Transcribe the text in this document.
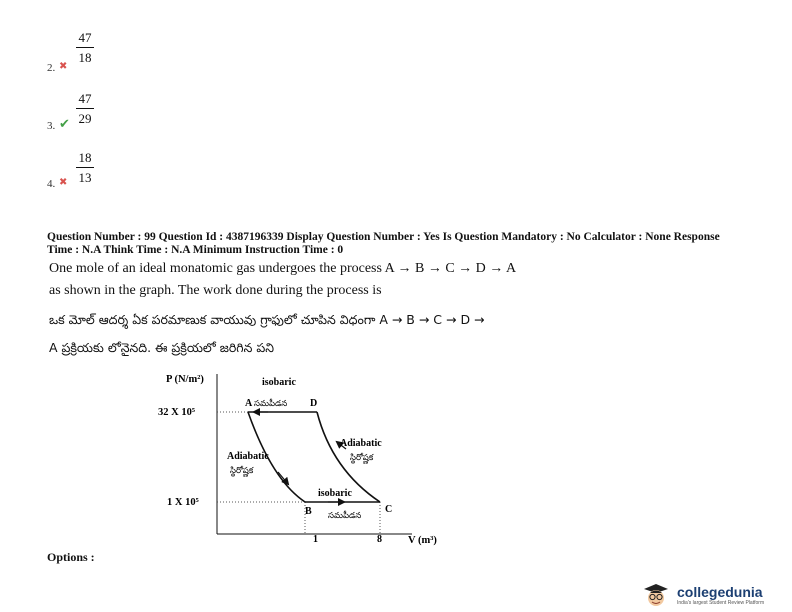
47
18
2. ✖
47
29
3. ✔
18
13
4. ✖
Question Number : 99 Question Id : 4387196339 Display Question Number : Yes Is Question Mandatory : No Calculator : None Response
Time : N.A Think Time : N.A Minimum Instruction Time : 0
One mole of an ideal monatomic gas undergoes the process A → B → C → D → A
as shown in the graph. The work done during the process is
ఒక మోల్ ఆదర్శ ఏక పరమాణుక వాయువు గ్రాఫులో చూపిన విధంగా A → B → C → D →
A ప్రక్రియకు లోనైనది. ఈ ప్రక్రియలో జరిగిన పని
P (N/m²)
V (m³)
32 X 10⁵
1 X 10⁵
1	8
isobaric
A సమపీడన D
Adiabatic
స్థిరోష్ణక
Adiabatic
స్థిరోష్ణక
isobaric
B	C
సమపీడన
Options :
collegedunia
India's largest Student Review Platform
